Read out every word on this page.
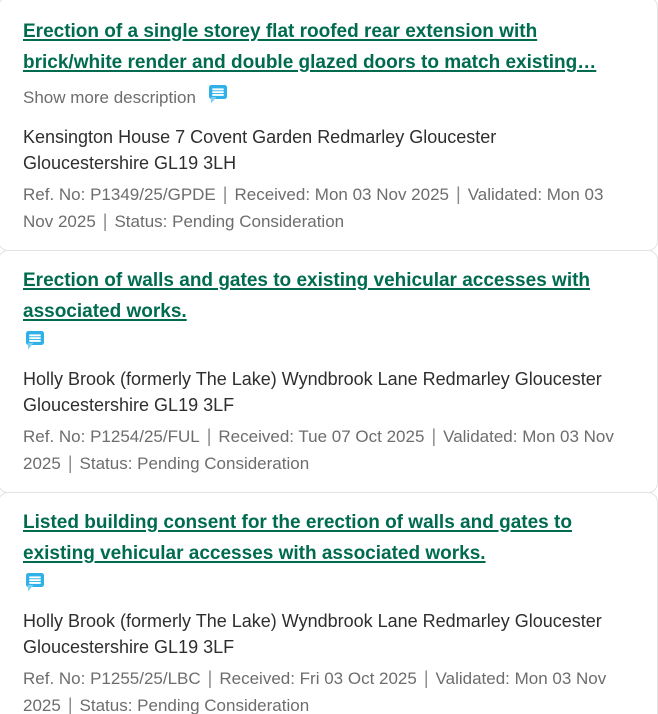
Erection of a single storey flat roofed rear extension with brick/white render and double glazed doors to match existing…
Show more description
Kensington House 7 Covent Garden Redmarley Gloucester Gloucestershire GL19 3LH
Ref. No: P1349/25/GPDE | Received: Mon 03 Nov 2025 | Validated: Mon 03 Nov 2025 | Status: Pending Consideration
Erection of walls and gates to existing vehicular accesses with associated works.
Holly Brook (formerly The Lake) Wyndbrook Lane Redmarley Gloucester Gloucestershire GL19 3LF
Ref. No: P1254/25/FUL | Received: Tue 07 Oct 2025 | Validated: Mon 03 Nov 2025 | Status: Pending Consideration
Listed building consent for the erection of walls and gates to existing vehicular accesses with associated works.
Holly Brook (formerly The Lake) Wyndbrook Lane Redmarley Gloucester Gloucestershire GL19 3LF
Ref. No: P1255/25/LBC | Received: Fri 03 Oct 2025 | Validated: Mon 03 Nov 2025 | Status: Pending Consideration
